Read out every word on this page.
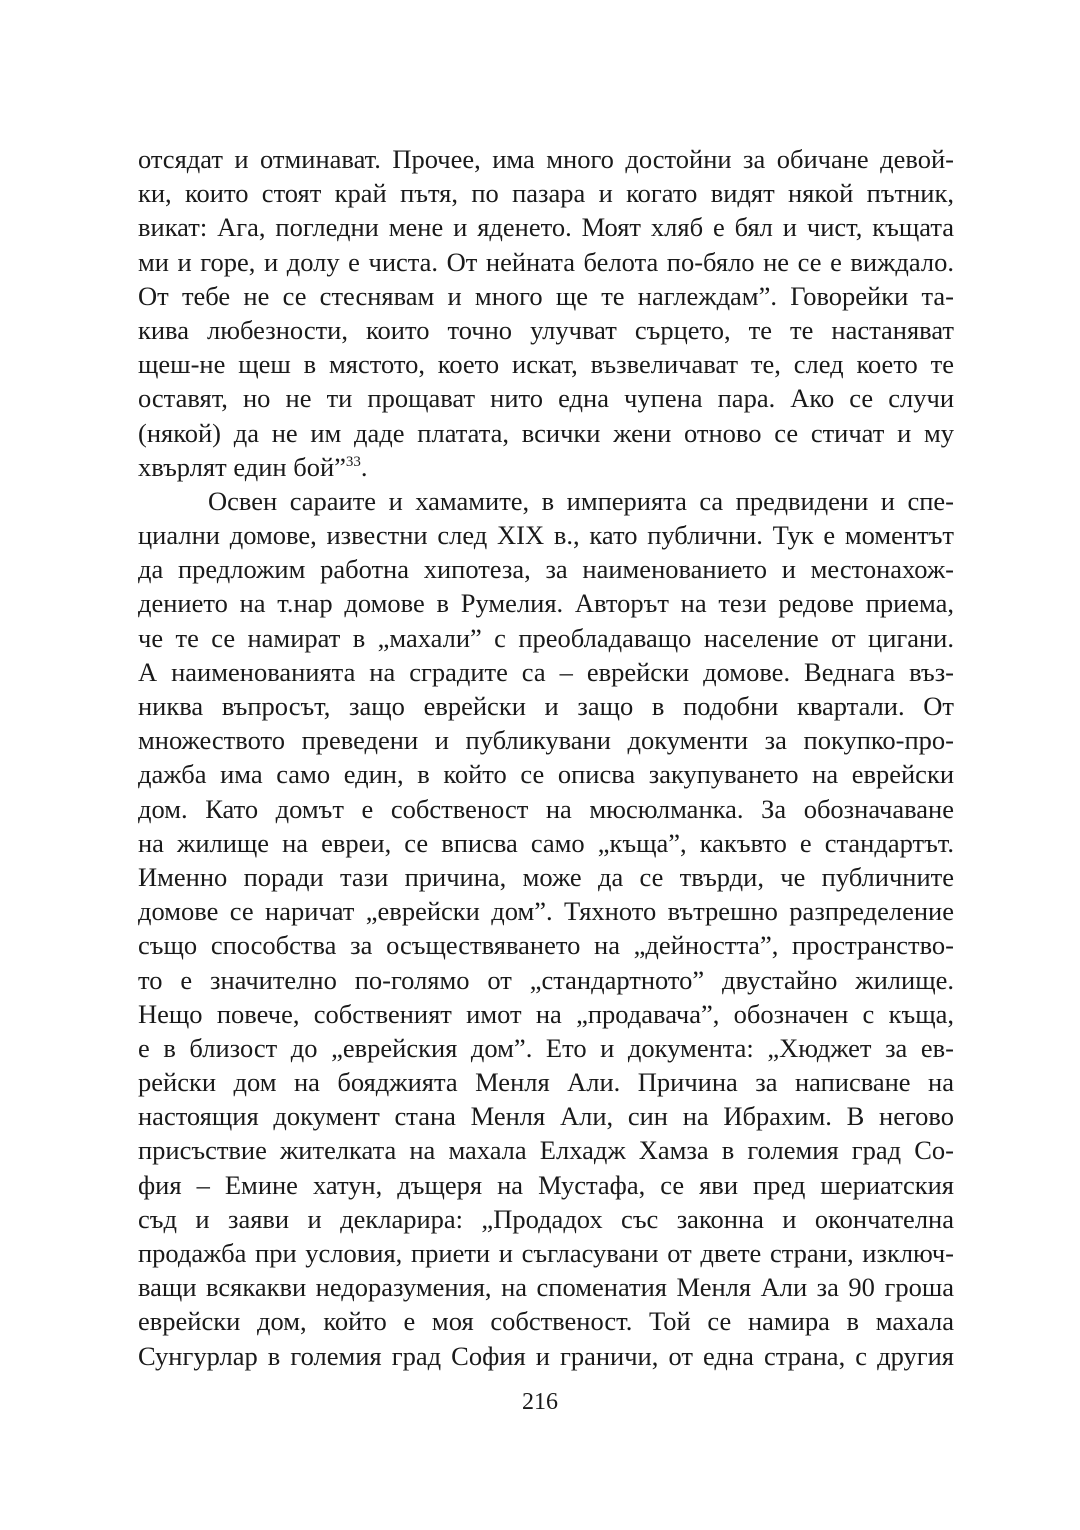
отсядат и отминават. Прочее, има много достойни за обичане девой-
ки, които стоят край пътя, по пазара и когато видят някой пътник,
викат: Ага, погледни мене и яденето. Моят хляб е бял и чист, къщата
ми и горе, и долу е чиста. От нейната белота по-бяло не се е виждало.
От тебе не се стеснявам и много ще те наглеждам”. Говорейки та-
кива любезности, които точно улучват сърцето, те те настаняват
щеш-не щеш в мястото, което искат, възвеличават те, след което те
оставят, но не ти прощават нито една чупена пара. Ако се случи
(някой) да не им даде платата, всички жени отново се стичат и му
хвърлят един бой”$^{33}$.
Освен сараите и хамамите, в империята са предвидени и спе-
циални домове, известни след XIX в., като публични. Тук е моментът
да предложим работна хипотеза, за наименованието и местонахож-
дението на т.нар домове в Румелия. Авторът на тези редове приема,
че те се намират в „махали” с преобладаващо население от цигани.
А наименованията на сградите са – еврейски домове. Веднага въз-
никва въпросът, защо еврейски и защо в подобни квартали. От
множеството преведени и публикувани документи за покупко-про-
дажба има само един, в който се описва закупуването на еврейски
дом. Като домът е собственост на мюсюлманка. За обозначаване
на жилище на евреи, се вписва само „къща”, какъвто е стандартът.
Именно поради тази причина, може да се твърди, че публичните
домове се наричат „еврейски дом”. Тяхното вътрешно разпределение
също способства за осъществяването на „дейността”, пространство-
то е значително по-голямо от „стандартното” двустайно жилище.
Нещо повече, собственият имот на „продавача”, обозначен с къща,
е в близост до „еврейския дом”. Ето и документа: „Хюджет за ев-
рейски дом на бояджията Менля Али. Причина за написване на
настоящия документ стана Менля Али, син на Ибрахим. В негово
присъствие жителката на махала Елхадж Хамза в големия град Со-
фия – Емине хатун, дъщеря на Мустафа, се яви пред шериатския
съд и заяви и декларира: „Продадох със законна и окончателна
продажба при условия, приети и съгласувани от двете страни, изключ-
ващи всякакви недоразумения, на споменатия Менля Али за 90 гроша
еврейски дом, който е моя собственост. Той се намира в махала
Сунгурлар в големия град София и граничи, от една страна, с другия
216
